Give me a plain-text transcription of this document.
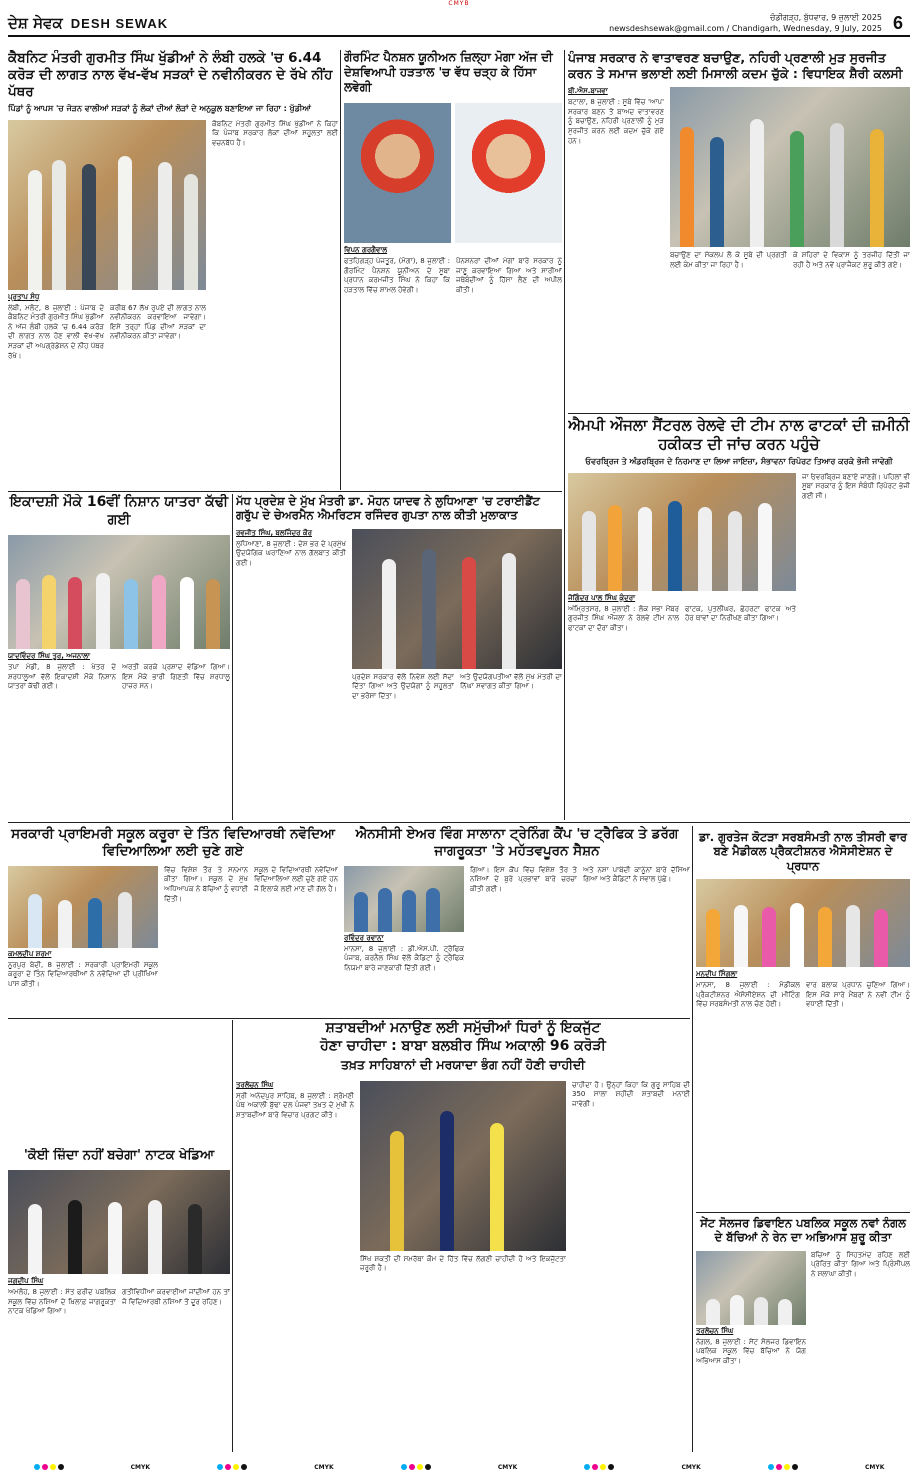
CMYB
ਦੇਸ਼ ਸੇਵਕ DESH SEWAK	ਚੰਡੀਗੜ੍ਹ, ਬੁੱਧਵਾਰ, 9 ਜੁਲਾਈ 2025
newsdeshsewak@gmail.com / Chandigarh, Wednesday, 9 July, 2025 6
ਕੈਬਨਿਟ ਮੰਤਰੀ ਗੁਰਮੀਤ ਸਿੰਘ ਖੁੱਡੀਆਂ ਨੇ ਲੰਬੀ ਹਲਕੇ 'ਚ 6.44 ਕਰੋੜ ਦੀ ਲਾਗਤ ਨਾਲ ਵੱਖ-ਵੱਖ ਸੜਕਾਂ ਦੇ ਨਵੀਨੀਕਰਨ ਦੇ ਰੱਖੇ ਨੀਂਹ ਪੱਥਰ
ਪਿੰਡਾਂ ਨੂੰ ਆਪਸ 'ਚ ਜੋੜਨ ਵਾਲੀਆਂ ਸੜਕਾਂ ਨੂੰ ਲੋਕਾਂ ਦੀਆਂ ਲੋੜਾਂ ਦੇ ਅਨੁਕੂਲ ਬਣਾਇਆ ਜਾ ਰਿਹਾ : ਖੁੱਡੀਆਂ
ਪ੍ਰਤਾਪ ਸੰਧੂ
ਲੰਬੀ, ਮਲੋਟ, 8 ਜੁਲਾਈ : ਪੰਜਾਬ ਦੇ ਕੈਬਨਿਟ ਮੰਤਰੀ ਗੁਰਮੀਤ ਸਿੰਘ ਖੁੱਡੀਆਂ ਨੇ ਅੱਜ ਲੰਬੀ ਹਲਕੇ 'ਚ 6.44 ਕਰੋੜ ਦੀ ਲਾਗਤ ਨਾਲ ਹੋਣ ਵਾਲੀ ਵੱਖ-ਵੱਖ ਸੜਕਾਂ ਦੀ ਅਪਗ੍ਰੇਡੇਸ਼ਨ ਦੇ ਨੀਂਹ ਪੱਥਰ ਰੱਖੇ।
ਕਰੀਬ 67 ਲੱਖ ਰੁਪਏ ਦੀ ਲਾਗਤ ਨਾਲ ਨਵੀਨੀਕਰਨ ਕਰਵਾਇਆ ਜਾਵੇਗਾ। ਇਸੇ ਤਰ੍ਹਾਂ ਪਿੰਡ ਦੀਆਂ ਸੜਕਾਂ ਦਾ ਨਵੀਨੀਕਰਨ ਕੀਤਾ ਜਾਵੇਗਾ।
ਕੈਬਨਿਟ ਮੰਤਰੀ ਗੁਰਮੀਤ ਸਿੰਘ ਖੁੱਡੀਆਂ ਨੇ ਕਿਹਾ ਕਿ ਪੰਜਾਬ ਸਰਕਾਰ ਲੋਕਾਂ ਦੀਆਂ ਸਹੂਲਤਾਂ ਲਈ ਵਚਨਬੱਧ ਹੈ।
ਗੌਰਮਿੰਟ ਪੈਨਸ਼ਨ ਯੂਨੀਅਨ ਜ਼ਿਲ੍ਹਾ ਮੋਗਾ ਅੱਜ ਦੀ ਦੇਸ਼ਵਿਆਪੀ ਹੜਤਾਲ 'ਚ ਵੱਧ ਚੜ੍ਹ ਕੇ ਹਿੱਸਾ ਲਵੇਗੀ
ਵਿਪਨ ਗਰਗੈਵਾਲ
ਫਤਹਿਗੜ੍ਹ ਪੰਜਤੂਰ, (ਮੋਗਾ), 8 ਜੁਲਾਈ : ਗੌਰਮਿੰਟ ਪੈਨਸ਼ਨ ਯੂਨੀਅਨ ਦੇ ਸੂਬਾ ਪ੍ਰਧਾਨ ਕਰਮਜੀਤ ਸਿੰਘ ਨੇ ਕਿਹਾ ਕਿ ਹੜਤਾਲ ਵਿੱਚ ਸ਼ਾਮਲ ਹੋਵੇਗੀ।
ਪੈਨਸ਼ਨਰਾਂ ਦੀਆਂ ਮੰਗਾਂ ਬਾਰੇ ਸਰਕਾਰ ਨੂੰ ਜਾਣੂ ਕਰਵਾਇਆ ਗਿਆ ਅਤੇ ਸਾਰੀਆਂ ਜਥੇਬੰਦੀਆਂ ਨੂੰ ਹਿੱਸਾ ਲੈਣ ਦੀ ਅਪੀਲ ਕੀਤੀ।
ਪੰਜਾਬ ਸਰਕਾਰ ਨੇ ਵਾਤਾਵਰਣ ਬਚਾਉਣ, ਨਹਿਰੀ ਪ੍ਰਣਾਲੀ ਮੁੜ ਸੁਰਜੀਤ ਕਰਨ ਤੇ ਸਮਾਜ ਭਲਾਈ ਲਈ ਮਿਸਾਲੀ ਕਦਮ ਚੁੱਕੇ : ਵਿਧਾਇਕ ਸ਼ੈਰੀ ਕਲਸੀ
ਬੀ.ਐਸ.ਬਾਜਵਾ
ਬਟਾਲਾ, 8 ਜੁਲਾਈ : ਸੂਬੇ ਵਿੱਚ 'ਆਪ' ਸਰਕਾਰ ਬਣਨ ਤੋਂ ਬਾਅਦ ਵਾਤਾਵਰਣ ਨੂੰ ਬਚਾਉਣ, ਨਹਿਰੀ ਪ੍ਰਣਾਲੀ ਨੂੰ ਮੁੜ ਸੁਰਜੀਤ ਕਰਨ ਲਈ ਕਦਮ ਚੁੱਕੇ ਗਏ ਹਨ।
ਬਚਾਉਣ ਦਾ ਸੰਕਲਪ ਲੈ ਕੇ ਸੂਬੇ ਦੀ ਪ੍ਰਗਤੀ ਲਈ ਕੰਮ ਕੀਤਾ ਜਾ ਰਿਹਾ ਹੈ।
ਕੇ ਸ਼ਹਿਰਾਂ ਦੇ ਵਿਕਾਸ ਨੂੰ ਤਰਜੀਹ ਦਿੱਤੀ ਜਾ ਰਹੀ ਹੈ ਅਤੇ ਨਵੇਂ ਪ੍ਰਾਜੈਕਟ ਸ਼ੁਰੂ ਕੀਤੇ ਗਏ।
ਐਮਪੀ ਔਜਲਾ ਸੈਂਟਰਲ ਰੇਲਵੇ ਦੀ ਟੀਮ ਨਾਲ ਫਾਟਕਾਂ ਦੀ ਜ਼ਮੀਨੀ ਹਕੀਕਤ ਦੀ ਜਾਂਚ ਕਰਨ ਪਹੁੰਚੇ
ਓਵਰਬ੍ਰਿਜ ਤੇ ਅੰਡਰਬ੍ਰਿਜ ਦੇ ਨਿਰਮਾਣ ਦਾ ਲਿਆ ਜਾਇਜ਼ਾ, ਸੰਭਾਵਨਾ ਰਿਪੋਰਟ ਤਿਆਰ ਕਰਕੇ ਭੇਜੀ ਜਾਵੇਗੀ
ਜੋਗਿੰਦਰ ਪਾਲ ਸਿੰਘ ਕੁੰਦਰਾ
ਅੰਮ੍ਰਿਤਸਰ, 8 ਜੁਲਾਈ : ਲੋਕ ਸਭਾ ਮੈਂਬਰ ਗੁਰਜੀਤ ਸਿੰਘ ਔਜਲਾ ਨੇ ਰੇਲਵੇ ਟੀਮ ਨਾਲ ਫਾਟਕਾਂ ਦਾ ਦੌਰਾ ਕੀਤਾ।
ਫਾਟਕ, ਪੁਤਲੀਘਰ, ਛੇਹਰਟਾ ਫਾਟਕ ਅਤੇ ਹੋਰ ਥਾਵਾਂ ਦਾ ਨਿਰੀਖਣ ਕੀਤਾ ਗਿਆ।
ਜਾ ਓਵਰਬ੍ਰਿਜ ਬਣਾਏ ਜਾਣਗੇ। ਪਹਿਲਾਂ ਵੀ ਸੂਬਾ ਸਰਕਾਰ ਨੂੰ ਇਸ ਸੰਬੰਧੀ ਰਿਪੋਰਟ ਭੇਜੀ ਗਈ ਸੀ।
ਇਕਾਦਸ਼ੀ ਮੌਕੇ 16ਵੀਂ ਨਿਸ਼ਾਨ ਯਾਤਰਾ ਕੱਢੀ ਗਈ
ਯਾਦਵਿੰਦਰ ਸਿੰਘ ਤੂਰ, ਅਜਨਾਲਾ
ਤਪਾ ਮੰਡੀ, 8 ਜੁਲਾਈ : ਖੇਤਰ ਦੇ ਸ਼ਰਧਾਲੂਆਂ ਵੱਲੋਂ ਇਕਾਦਸ਼ੀ ਮੌਕੇ ਨਿਸ਼ਾਨ ਯਾਤਰਾ ਕੱਢੀ ਗਈ।
ਅਰਤੀ ਕਰਕੇ ਪ੍ਰਸ਼ਾਦ ਵੰਡਿਆ ਗਿਆ। ਇਸ ਮੌਕੇ ਭਾਰੀ ਗਿਣਤੀ ਵਿੱਚ ਸ਼ਰਧਾਲੂ ਹਾਜ਼ਰ ਸਨ।
ਮੱਧ ਪ੍ਰਦੇਸ਼ ਦੇ ਮੁੱਖ ਮੰਤਰੀ ਡਾ. ਮੋਹਨ ਯਾਦਵ ਨੇ ਲੁਧਿਆਣਾ 'ਚ ਟਰਾਈਡੈਂਟ ਗਰੁੱਪ ਦੇ ਚੇਅਰਮੈਨ ਐਮਰਿਟਸ ਰਜਿੰਦਰ ਗੁਪਤਾ ਨਾਲ ਕੀਤੀ ਮੁਲਾਕਾਤ
ਰਵਜੀਤ ਸਿੰਘ, ਬਲਜਿੰਦਰ ਕੌਰ
ਲੁਧਿਆਣਾ, 8 ਜੁਲਾਈ : ਦੇਸ਼ ਭਰ ਦੇ ਪ੍ਰਮੁੱਖ ਉਦਯੋਗਿਕ ਘਰਾਣਿਆਂ ਨਾਲ ਗੱਲਬਾਤ ਕੀਤੀ ਗਈ।
ਪ੍ਰਦੇਸ਼ ਸਰਕਾਰ ਵੱਲੋਂ ਨਿਵੇਸ਼ ਲਈ ਸੱਦਾ ਦਿੱਤਾ ਗਿਆ ਅਤੇ ਉਦਯੋਗਾਂ ਨੂੰ ਸਹੂਲਤਾਂ ਦਾ ਭਰੋਸਾ ਦਿੱਤਾ।
ਅਤੇ ਉਦਯੋਗਪਤੀਆਂ ਵੱਲੋਂ ਮੁੱਖ ਮੰਤਰੀ ਦਾ ਨਿੱਘਾ ਸਵਾਗਤ ਕੀਤਾ ਗਿਆ।
ਸਰਕਾਰੀ ਪ੍ਰਾਇਮਰੀ ਸਕੂਲ ਕਰੂਰਾ ਦੇ ਤਿੰਨ ਵਿਦਿਆਰਥੀ ਨਵੋਦਿਆ ਵਿਦਿਆਲਿਆ ਲਈ ਚੁਣੇ ਗਏ
ਕਮਲਦੀਪ ਸ਼ਰਮਾ
ਨੂਰਪੁਰ ਬੇਦੀ, 8 ਜੁਲਾਈ : ਸਰਕਾਰੀ ਪ੍ਰਾਇਮਰੀ ਸਕੂਲ ਕਰੂਰਾ ਦੇ ਤਿੰਨ ਵਿਦਿਆਰਥੀਆਂ ਨੇ ਨਵੋਦਿਆ ਦੀ ਪ੍ਰੀਖਿਆ ਪਾਸ ਕੀਤੀ।
ਵਿੱਚ ਵਿਸ਼ੇਸ਼ ਤੌਰ ਤੇ ਸਨਮਾਨ ਕੀਤਾ ਗਿਆ। ਸਕੂਲ ਦੇ ਮੁੱਖ ਅਧਿਆਪਕ ਨੇ ਬੱਚਿਆਂ ਨੂੰ ਵਧਾਈ ਦਿੱਤੀ।
ਸਕੂਲ ਦੇ ਵਿਦਿਆਰਥੀ ਨਵੋਦਿਆ ਵਿਦਿਆਲਿਆ ਲਈ ਚੁਣੇ ਗਏ ਹਨ ਜੋ ਇਲਾਕੇ ਲਈ ਮਾਣ ਦੀ ਗੱਲ ਹੈ।
ਐਨਸੀਸੀ ਏਅਰ ਵਿੰਗ ਸਾਲਾਨਾ ਟ੍ਰੇਨਿੰਗ ਕੈਂਪ 'ਚ ਟ੍ਰੈਫਿਕ ਤੇ ਡਰੱਗ ਜਾਗਰੂਕਤਾ 'ਤੇ ਮਹੱਤਵਪੂਰਨ ਸੈਸ਼ਨ
ਰਵਿੰਦਰ ਰਵਾਨਾ
ਮਾਨਸਾ, 8 ਜੁਲਾਈ : ਡੀ.ਐਸ.ਪੀ. ਟ੍ਰੈਫਿਕ ਪੰਜਾਬ, ਕਰਨੈਲ ਸਿੰਘ ਵੱਲੋਂ ਕੈਡਿਟਾਂ ਨੂੰ ਟ੍ਰੈਫਿਕ ਨਿਯਮਾਂ ਬਾਰੇ ਜਾਣਕਾਰੀ ਦਿੱਤੀ ਗਈ।
ਗਿਆ। ਇਸ ਕੈਂਪ ਵਿੱਚ ਵਿਸ਼ੇਸ਼ ਤੌਰ ਤੇ ਨਸ਼ਿਆਂ ਦੇ ਬੁਰੇ ਪ੍ਰਭਾਵਾਂ ਬਾਰੇ ਚਰਚਾ ਕੀਤੀ ਗਈ।
ਅਤੇ ਨਸ਼ਾ ਪਾਬੰਦੀ ਕਾਨੂੰਨਾਂ ਬਾਰੇ ਦੱਸਿਆ ਗਿਆ ਅਤੇ ਕੈਡਿਟਾਂ ਨੇ ਸਵਾਲ ਪੁੱਛੇ।
ਡਾ. ਗੁਰਤੇਜ ਕੋਟੜਾ ਸਰਬਸੰਮਤੀ ਨਾਲ ਤੀਸਰੀ ਵਾਰ ਬਣੇ ਮੈਡੀਕਲ ਪ੍ਰੈਕਟੀਸ਼ਨਰ ਐਸੋਸੀਏਸ਼ਨ ਦੇ ਪ੍ਰਧਾਨ
ਮਨਦੀਪ ਸਿੰਗਲਾ
ਮਾਨਸਾ, 8 ਜੁਲਾਈ : ਮੈਡੀਕਲ ਪ੍ਰੈਕਟੀਸ਼ਨਰ ਐਸੋਸੀਏਸ਼ਨ ਦੀ ਮੀਟਿੰਗ ਵਿੱਚ ਸਰਬਸੰਮਤੀ ਨਾਲ ਚੋਣ ਹੋਈ।
ਵਾਰ ਬਲਾਕ ਪ੍ਰਧਾਨ ਚੁਣਿਆ ਗਿਆ। ਇਸ ਮੌਕੇ ਸਾਰੇ ਮੈਂਬਰਾਂ ਨੇ ਨਵੀਂ ਟੀਮ ਨੂੰ ਵਧਾਈ ਦਿੱਤੀ।
ਸ਼ਤਾਬਦੀਆਂ ਮਨਾਉਣ ਲਈ ਸਮੁੱਚੀਆਂ ਧਿਰਾਂ ਨੂੰ ਇਕਜੁੱਟ
ਹੋਣਾ ਚਾਹੀਦਾ : ਬਾਬਾ ਬਲਬੀਰ ਸਿੰਘ ਅਕਾਲੀ 96 ਕਰੋੜੀ
ਤਖ਼ਤ ਸਾਹਿਬਾਨਾਂ ਦੀ ਮਰਯਾਦਾ ਭੰਗ ਨਹੀਂ ਹੋਣੀ ਚਾਹੀਦੀ
ਤਰਲੋਚਨ ਸਿੰਘ
ਸ੍ਰੀ ਅਨੰਦਪੁਰ ਸਾਹਿਬ, 8 ਜੁਲਾਈ : ਸ਼੍ਰੋਮਣੀ ਪੰਥ ਅਕਾਲੀ ਬੁੱਢਾ ਦਲ ਪੰਜਵਾਂ ਤਖ਼ਤ ਦੇ ਮੁਖੀ ਨੇ ਸ਼ਤਾਬਦੀਆਂ ਬਾਰੇ ਵਿਚਾਰ ਪ੍ਰਗਟ ਕੀਤੇ।
ਸਿੱਖ ਸ਼ਕਤੀ ਦੀ ਸਮਰੱਥਾ ਕੌਮ ਦੇ ਹਿੱਤ ਵਿੱਚ ਲੱਗਣੀ ਚਾਹੀਦੀ ਹੈ ਅਤੇ ਇਕਜੁੱਟਤਾ ਜ਼ਰੂਰੀ ਹੈ।
ਚਾਹੀਦਾ ਹੈ। ਉਨ੍ਹਾਂ ਕਿਹਾ ਕਿ ਗੁਰੂ ਸਾਹਿਬ ਦੀ 350 ਸਾਲਾ ਸ਼ਹੀਦੀ ਸ਼ਤਾਬਦੀ ਮਨਾਈ ਜਾਵੇਗੀ।
'ਕੋਈ ਜ਼ਿੰਦਾ ਨਹੀਂ ਬਚੇਗਾ' ਨਾਟਕ ਖੇਡਿਆ
ਜਗਦੀਪ ਸਿੰਘ
ਅਮਲੋਹ, 8 ਜੁਲਾਈ : ਸੰਤ ਫਰੀਦ ਪਬਲਿਕ ਸਕੂਲ ਵਿੱਚ ਨਸ਼ਿਆਂ ਦੇ ਖ਼ਿਲਾਫ਼ ਜਾਗਰੂਕਤਾ ਨਾਟਕ ਖੇਡਿਆ ਗਿਆ।
ਗਤੀਵਿਧੀਆਂ ਕਰਵਾਈਆਂ ਜਾਂਦੀਆਂ ਹਨ ਤਾਂ ਜੋ ਵਿਦਿਆਰਥੀ ਨਸ਼ਿਆਂ ਤੋਂ ਦੂਰ ਰਹਿਣ।
ਸੇਂਟ ਸੋਲਜਰ ਡਿਵਾਇਨ ਪਬਲਿਕ ਸਕੂਲ ਨਵਾਂ ਨੰਗਲ ਦੇ ਬੱਚਿਆਂ ਨੇ ਰੇਨ ਦਾ ਅਭਿਆਸ ਸ਼ੁਰੂ ਕੀਤਾ
ਤਰਲੋਚਨ ਸਿੰਘ
ਨੰਗਲ, 8 ਜੁਲਾਈ : ਸੇਂਟ ਸੋਲਜਰ ਡਿਵਾਇਨ ਪਬਲਿਕ ਸਕੂਲ ਵਿੱਚ ਬੱਚਿਆਂ ਨੇ ਯੋਗ ਅਭਿਆਸ ਕੀਤਾ।
ਬਚਿਆਂ ਨੂੰ ਸਿਹਤਮੰਦ ਰਹਿਣ ਲਈ ਪ੍ਰੇਰਿਤ ਕੀਤਾ ਗਿਆ ਅਤੇ ਪ੍ਰਿੰਸੀਪਲ ਨੇ ਸ਼ਲਾਘਾ ਕੀਤੀ।
CMYK	CMYK	CMYK	CMYK	CMYK
